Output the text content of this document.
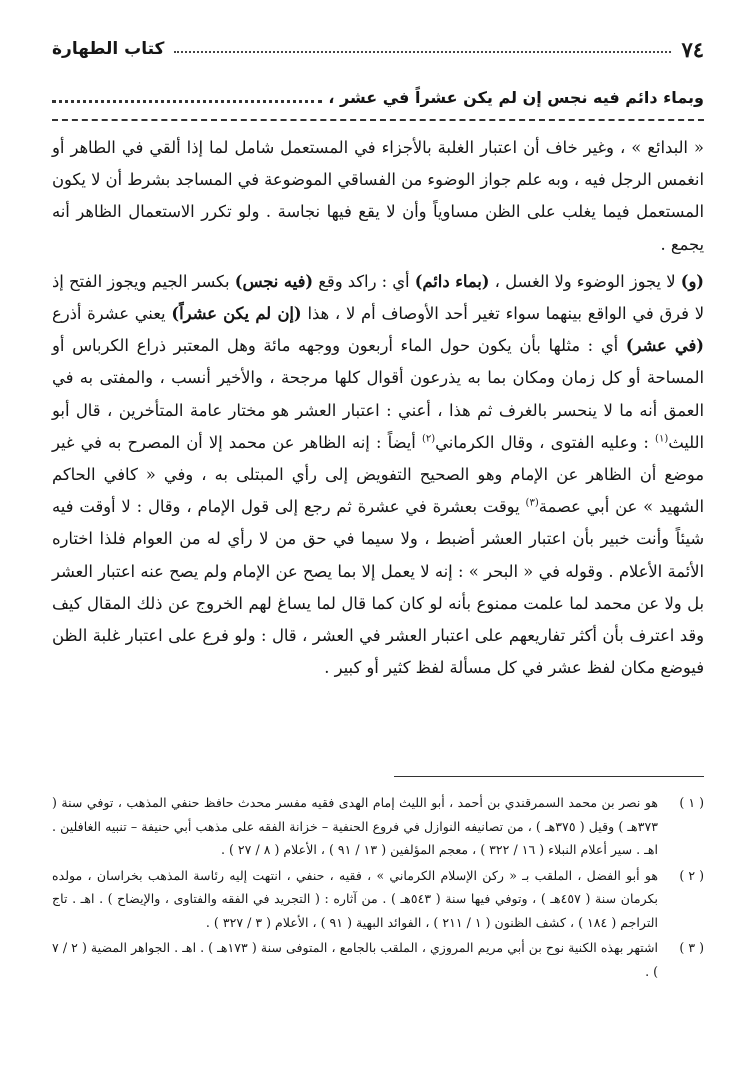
٧٤
كتاب الطهارة
وبماء دائم فيه نجس إن لم يكن عشراً في عشر ،

« البدائع » ، وغير خاف أن اعتبار الغلبة بالأجزاء في المستعمل شامل لما إذا ألقي في الطاهر أو انغمس الرجل فيه ، وبه علم جواز الوضوء من الفساقي الموضوعة في المساجد بشرط أن لا يكون المستعمل فيما يغلب على الظن مساوياً وأن لا يقع فيها نجاسة . ولو تكرر الاستعمال الظاهر أنه يجمع .

(و) لا يجوز الوضوء ولا الغسل ، (بماء دائم) أي : راكد وقع (فيه نجس) بكسر الجيم ويجوز الفتح إذ لا فرق في الواقع بينهما سواء تغير أحد الأوصاف أم لا ، هذا (إن لم يكن عشراً) يعني عشرة أذرع (في عشر) أي : مثلها بأن يكون حول الماء أربعون ووجهه مائة وهل المعتبر ذراع الكرباس أو المساحة أو كل زمان ومكان بما به يذرعون أقوال كلها مرجحة ، والأخير أنسب ، والمفتى به في العمق أنه ما لا ينحسر بالغرف ثم هذا ، أعني : اعتبار العشر هو مختار عامة المتأخرين ، قال أبو الليث$^{(١)}$ : وعليه الفتوى ، وقال الكرماني$^{(٢)}$ أيضاً : إنه الظاهر عن محمد إلا أن المصرح به في غير موضع أن الظاهر عن الإمام وهو الصحيح التفويض إلى رأي المبتلى به ، وفي « كافي الحاكم الشهيد » عن أبي عصمة$^{(٣)}$ يوقت بعشرة في عشرة ثم رجع إلى قول الإمام ، وقال : لا أوقت فيه شيئاً وأنت خبير بأن اعتبار العشر أضبط ، ولا سيما في حق من لا رأي له من العوام فلذا اختاره الأئمة الأعلام . وقوله في « البحر » : إنه لا يعمل إلا بما يصح عن الإمام ولم يصح عنه اعتبار العشر بل ولا عن محمد لما علمت ممنوع بأنه لو كان كما قال لما يساغ لهم الخروج عن ذلك المقال كيف وقد اعترف بأن أكثر تفاريعهم على اعتبار العشر في العشر ، قال : ولو فرع على اعتبار غلبة الظن فيوضع مكان لفظ عشر في كل مسألة لفظ كثير أو كبير .

( ١ )
هو نصر بن محمد السمرقندي بن أحمد ، أبو الليث إمام الهدى فقيه مفسر محدث حافظ حنفي المذهب ، توفي سنة ( ٣٧٣هـ ) وقيل ( ٣٧٥هـ ) ، من تصانيفه النوازل في فروع الحنفية – خزانة الفقه على مذهب أبي حنيفة – تنبيه الغافلين . اهـ . سير أعلام النبلاء ( ١٦ / ٣٢٢ ) ، معجم المؤلفين ( ١٣ / ٩١ ) ، الأعلام ( ٨ / ٢٧ ) .
( ٢ )
هو أبو الفضل ، الملقب بـ « ركن الإسلام الكرماني » ، فقيه ، حنفي ، انتهت إليه رئاسة المذهب بخراسان ، مولده بكرمان سنة ( ٤٥٧هـ ) ، وتوفي فيها سنة ( ٥٤٣هـ ) . من آثاره : ( التجريد في الفقه والفتاوى ، والإيضاح ) . اهـ . تاج التراجم ( ١٨٤ ) ، كشف الظنون ( ١ / ٢١١ ) ، الفوائد البهية ( ٩١ ) ، الأعلام ( ٣ / ٣٢٧ ) .
( ٣ )
اشتهر بهذه الكنية نوح بن أبي مريم المروزي ، الملقب بالجامع ، المتوفى سنة ( ١٧٣هـ ) . اهـ . الجواهر المضية ( ٢ / ٧ ) .
